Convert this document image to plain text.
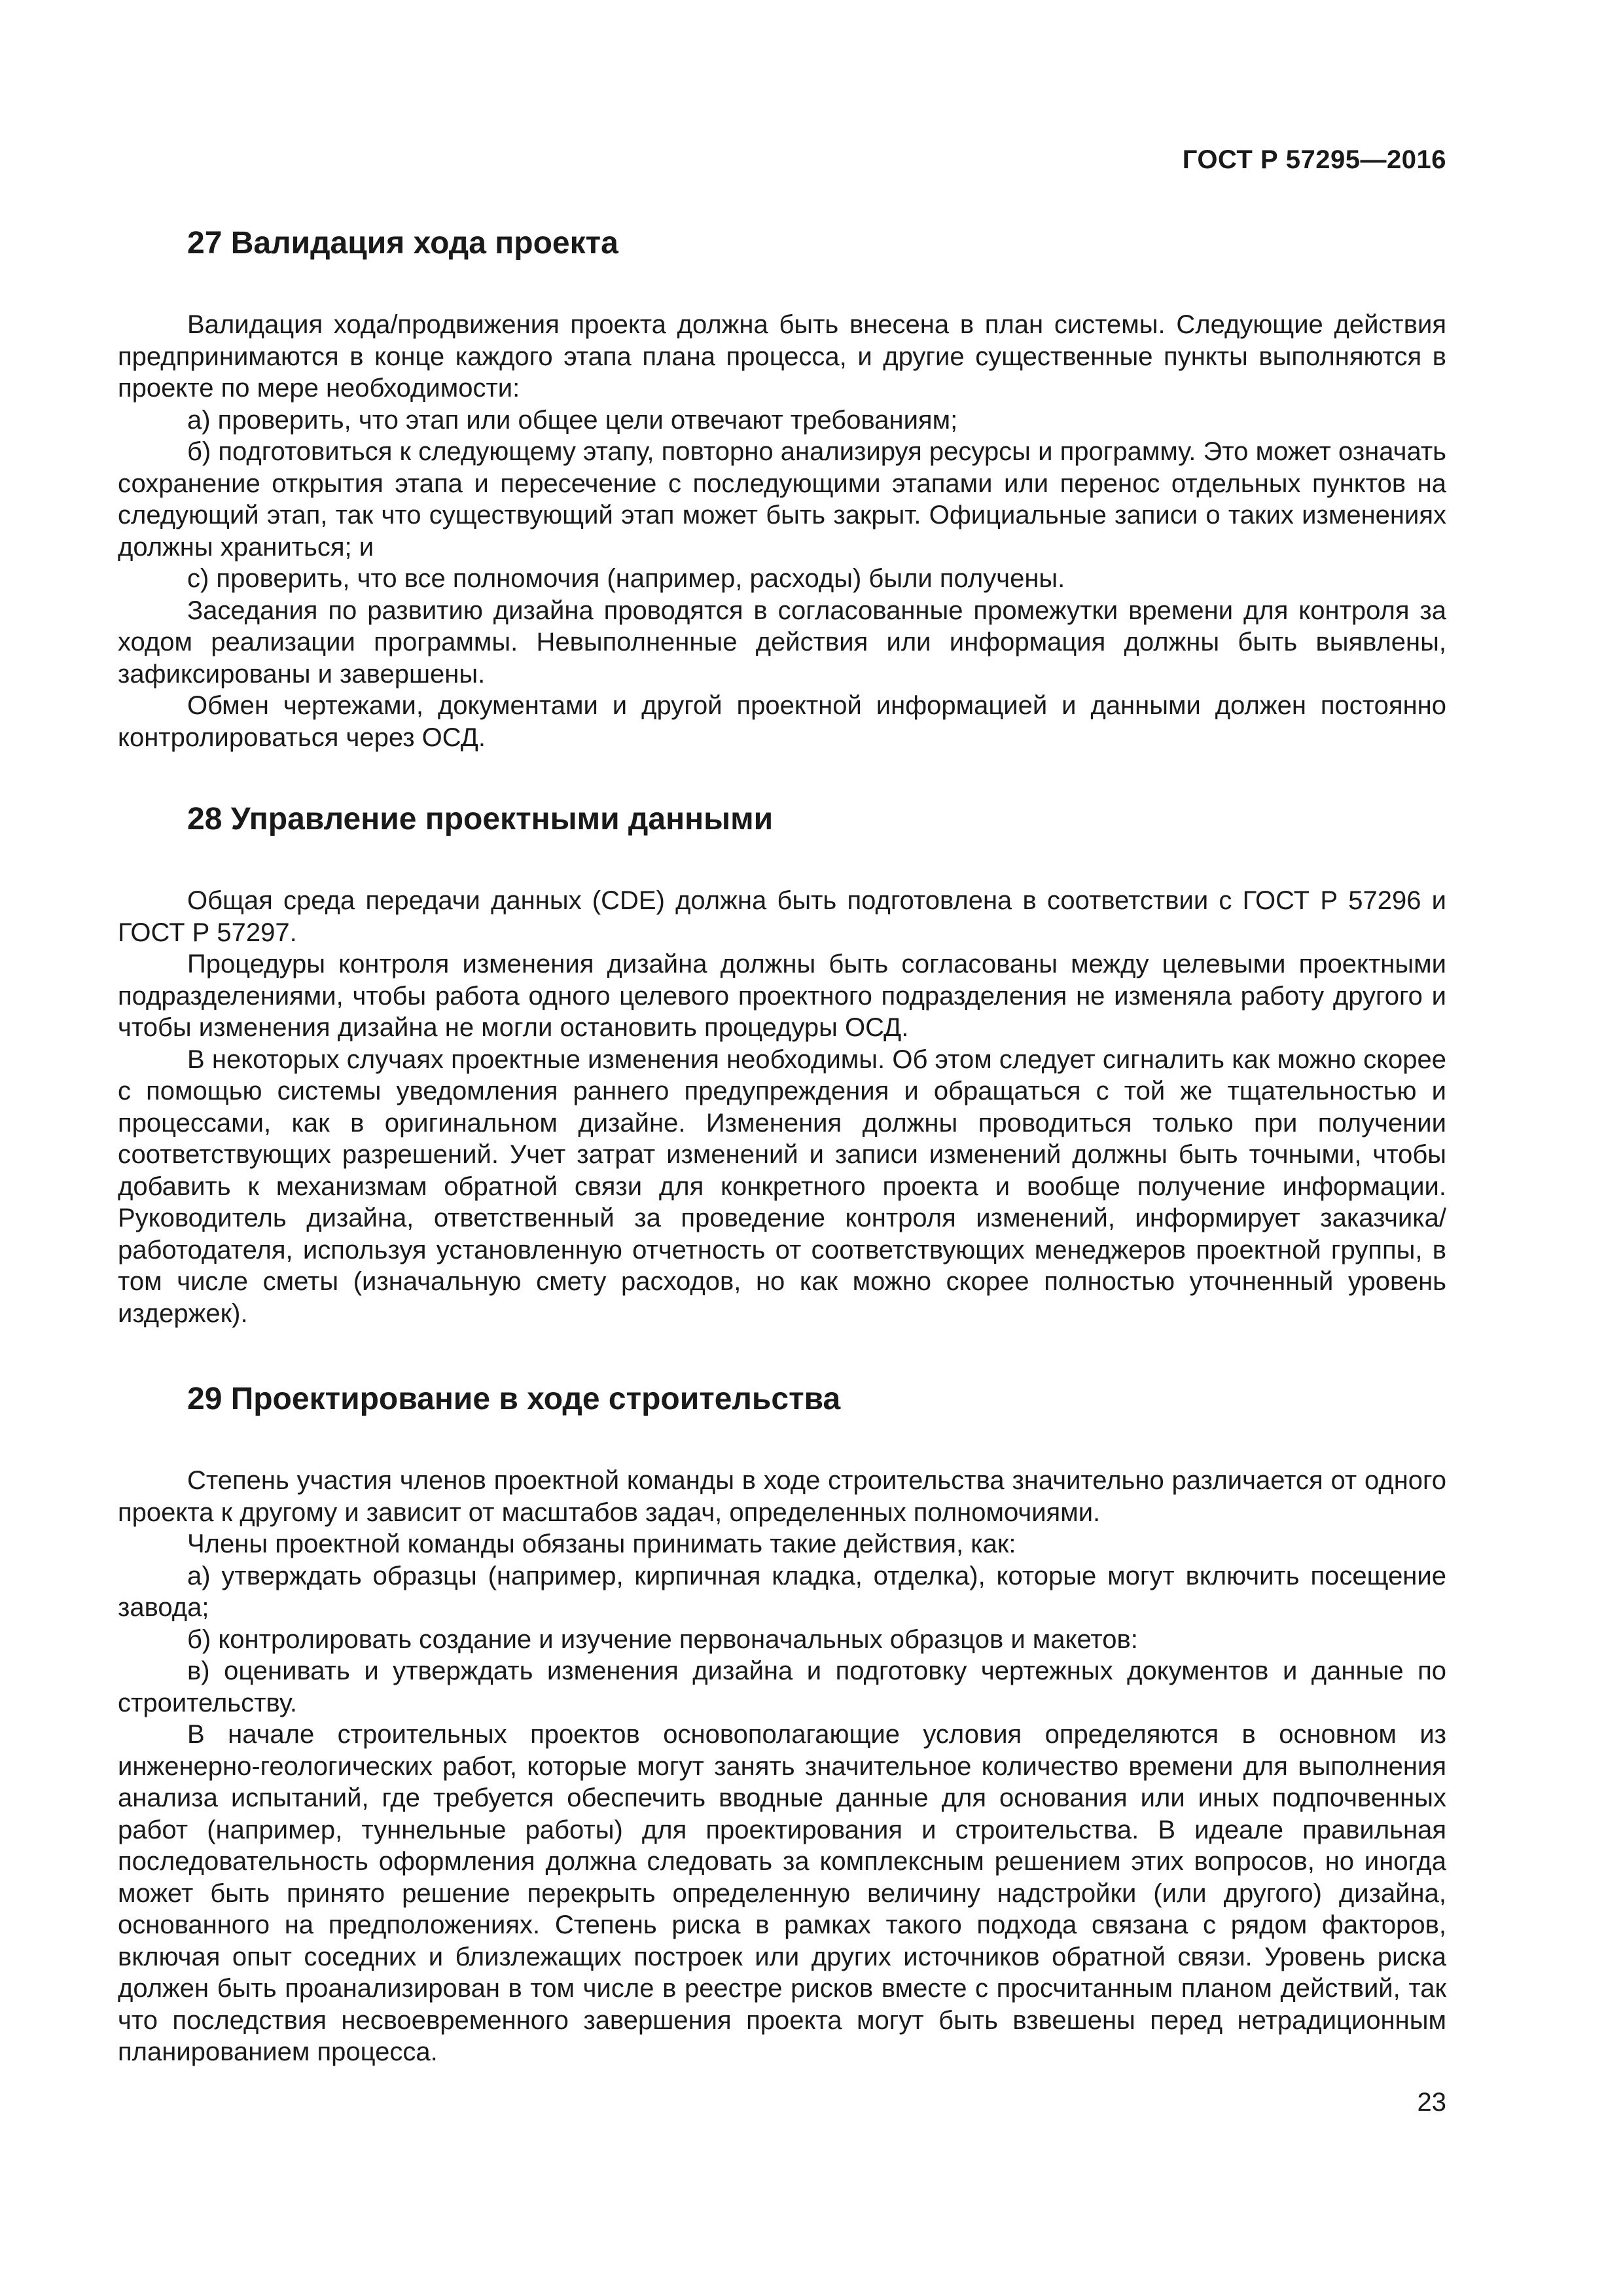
ГОСТ Р 57295—2016
27 Валидация хода проекта

Валидация хода/продвижения проекта должна быть внесена в план системы. Следующие действия предпринимаются в конце каждого этапа плана процесса, и другие существенные пункты выполняются в проекте по мере необходимости:

а) проверить, что этап или общее цели отвечают требованиям;

б) подготовиться к следующему этапу, повторно анализируя ресурсы и программу. Это может означать сохранение открытия этапа и пересечение с последующими этапами или перенос отдельных пунктов на следующий этап, так что существующий этап может быть закрыт. Официальные записи о таких изменениях должны храниться; и

с) проверить, что все полномочия (например, расходы) были получены.

Заседания по развитию дизайна проводятся в согласованные промежутки времени для контроля за ходом реализации программы. Невыполненные действия или информация должны быть выявлены, зафиксированы и завершены.

Обмен чертежами, документами и другой проектной информацией и данными должен постоянно контролироваться через ОСД.

28 Управление проектными данными

Общая среда передачи данных (CDE) должна быть подготовлена в соответствии с ГОСТ Р 57296 и ГОСТ Р 57297.

Процедуры контроля изменения дизайна должны быть согласованы между целевыми проектными подразделениями, чтобы работа одного целевого проектного подразделения не изменяла работу другого и чтобы изменения дизайна не могли остановить процедуры ОСД.

В некоторых случаях проектные изменения необходимы. Об этом следует сигналить как можно скорее с помощью системы уведомления раннего предупреждения и обращаться с той же тщательностью и процессами, как в оригинальном дизайне. Изменения должны проводиться только при получении соответствующих разрешений. Учет затрат изменений и записи изменений должны быть точными, чтобы добавить к механизмам обратной связи для конкретного проекта и вообще получение информации. Руководитель дизайна, ответственный за проведение контроля изменений, информирует заказчика/работодателя, используя установленную отчетность от соответствующих менеджеров проектной группы, в том числе сметы (изначальную смету расходов, но как можно скорее полностью уточненный уровень издержек).

29 Проектирование в ходе строительства

Степень участия членов проектной команды в ходе строительства значительно различается от одного проекта к другому и зависит от масштабов задач, определенных полномочиями.

Члены проектной команды обязаны принимать такие действия, как:

а) утверждать образцы (например, кирпичная кладка, отделка), которые могут включить посещение завода;

б) контролировать создание и изучение первоначальных образцов и макетов:

в) оценивать и утверждать изменения дизайна и подготовку чертежных документов и данные по строительству.

В начале строительных проектов основополагающие условия определяются в основном из инженерно-геологических работ, которые могут занять значительное количество времени для выполнения анализа испытаний, где требуется обеспечить вводные данные для основания или иных подпочвенных работ (например, туннельные работы) для проектирования и строительства. В идеале правильная последовательность оформления должна следовать за комплексным решением этих вопросов, но иногда может быть принято решение перекрыть определенную величину надстройки (или другого) дизайна, основанного на предположениях. Степень риска в рамках такого подхода связана с рядом факторов, включая опыт соседних и близлежащих построек или других источников обратной связи. Уровень риска должен быть проанализирован в том числе в реестре рисков вместе с просчитанным планом действий, так что последствия несвоевременного завершения проекта могут быть взвешены перед нетрадиционным планированием процесса.

23
